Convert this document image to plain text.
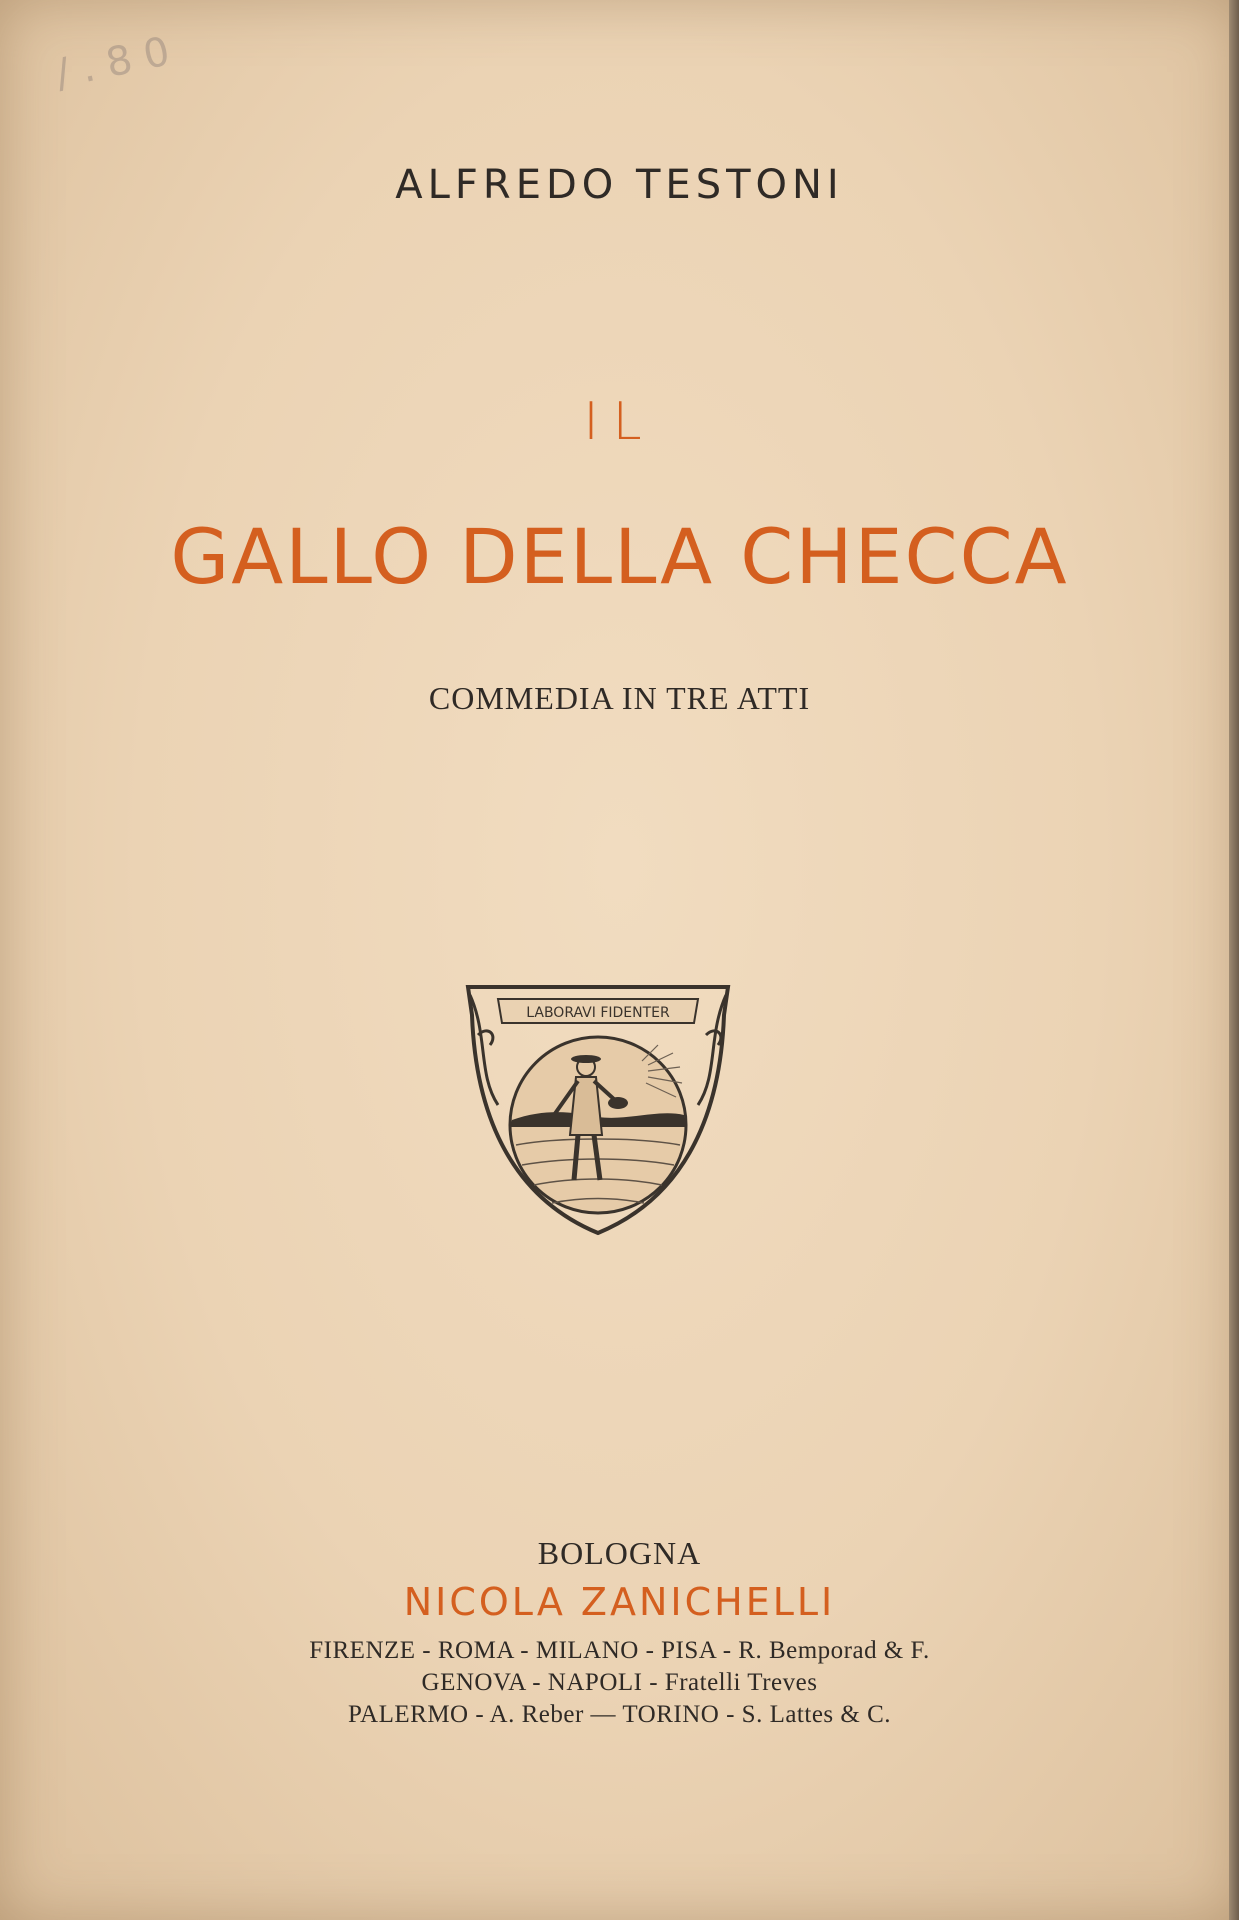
/ . 8 0
ALFREDO TESTONI
IL
GALLO DELLA CHECCA
COMMEDIA IN TRE ATTI
LABORAVI FIDENTER
BOLOGNA
NICOLA ZANICHELLI
FIRENZE - ROMA - MILANO - PISA - R. Bemporad & F.
GENOVA - NAPOLI - Fratelli Treves
PALERMO - A. Reber — TORINO - S. Lattes & C.
